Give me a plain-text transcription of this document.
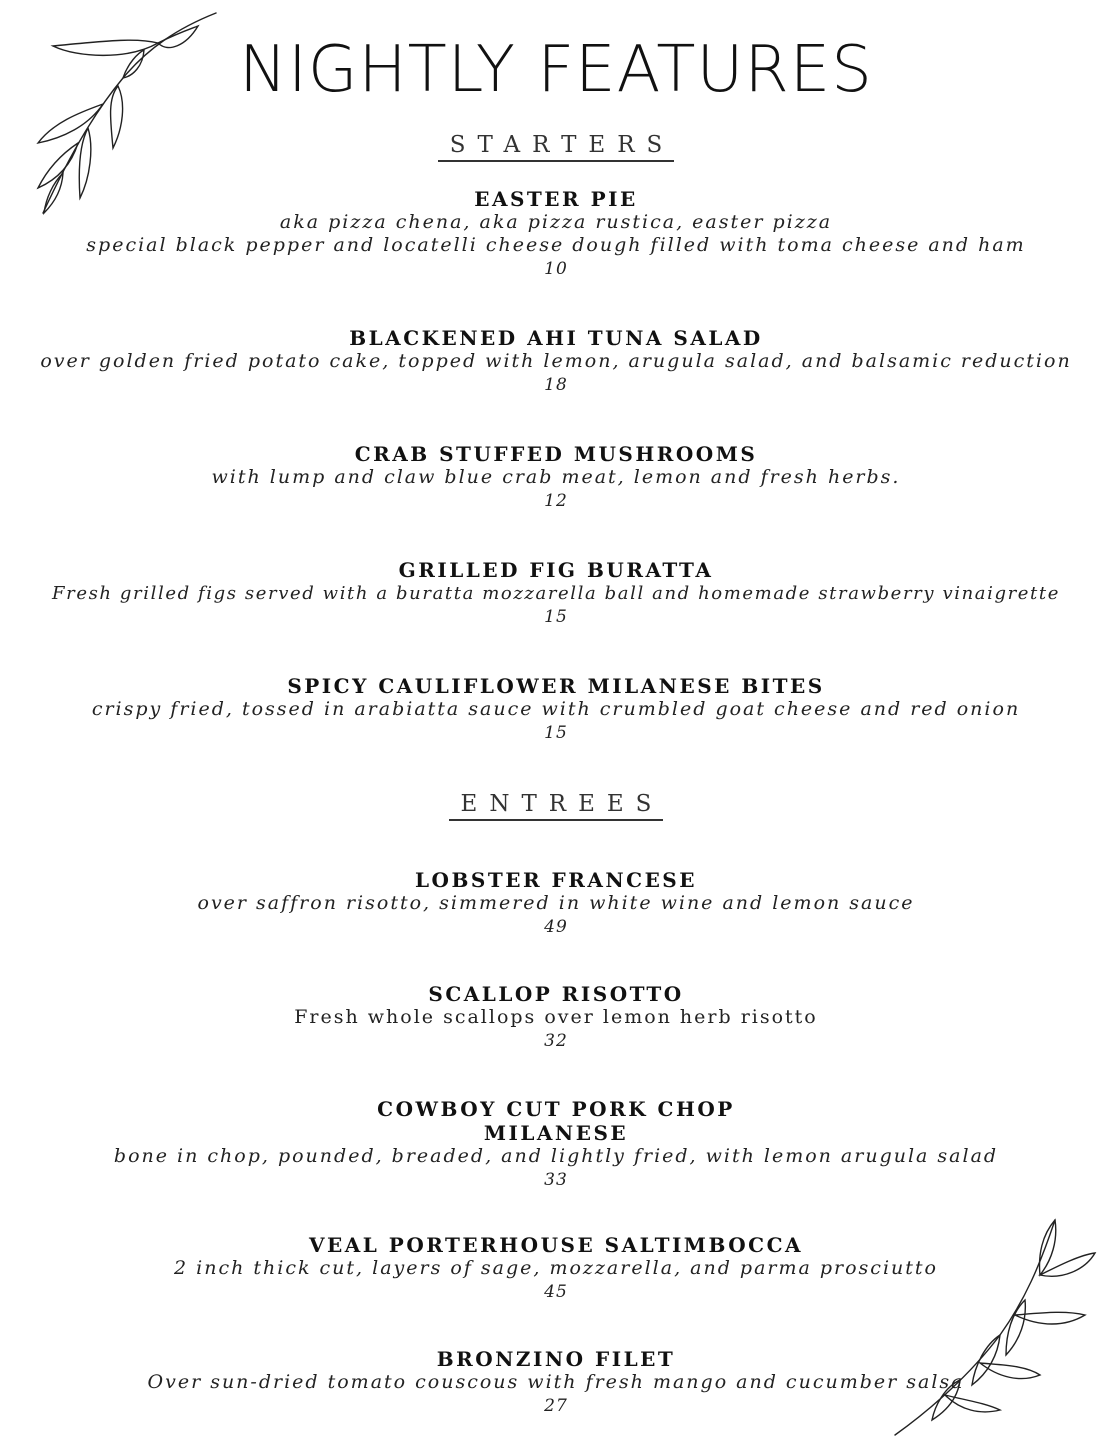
NIGHTLY FEATURES
STARTERS
EASTER PIE
aka pizza chena, aka pizza rustica, easter pizza
special black pepper and locatelli cheese dough filled with toma cheese and ham
10
BLACKENED AHI TUNA SALAD
over golden fried potato cake, topped with lemon, arugula salad, and balsamic reduction
18
CRAB STUFFED MUSHROOMS
with lump and claw blue crab meat, lemon and fresh herbs.
12
GRILLED FIG BURATTA
Fresh grilled figs served with a buratta mozzarella ball and homemade strawberry vinaigrette
15
SPICY CAULIFLOWER MILANESE BITES
crispy fried, tossed in arabiatta sauce with crumbled goat cheese and red onion
15
ENTREES
LOBSTER FRANCESE
over saffron risotto, simmered in white wine and lemon sauce
49
SCALLOP RISOTTO
Fresh whole scallops over lemon herb risotto
32
COWBOY CUT PORK CHOP
MILANESE
bone in chop, pounded, breaded, and lightly fried, with lemon arugula salad
33
VEAL PORTERHOUSE SALTIMBOCCA
2 inch thick cut, layers of sage, mozzarella, and parma prosciutto
45
BRONZINO FILET
Over sun-dried tomato couscous with fresh mango and cucumber salsa
27
